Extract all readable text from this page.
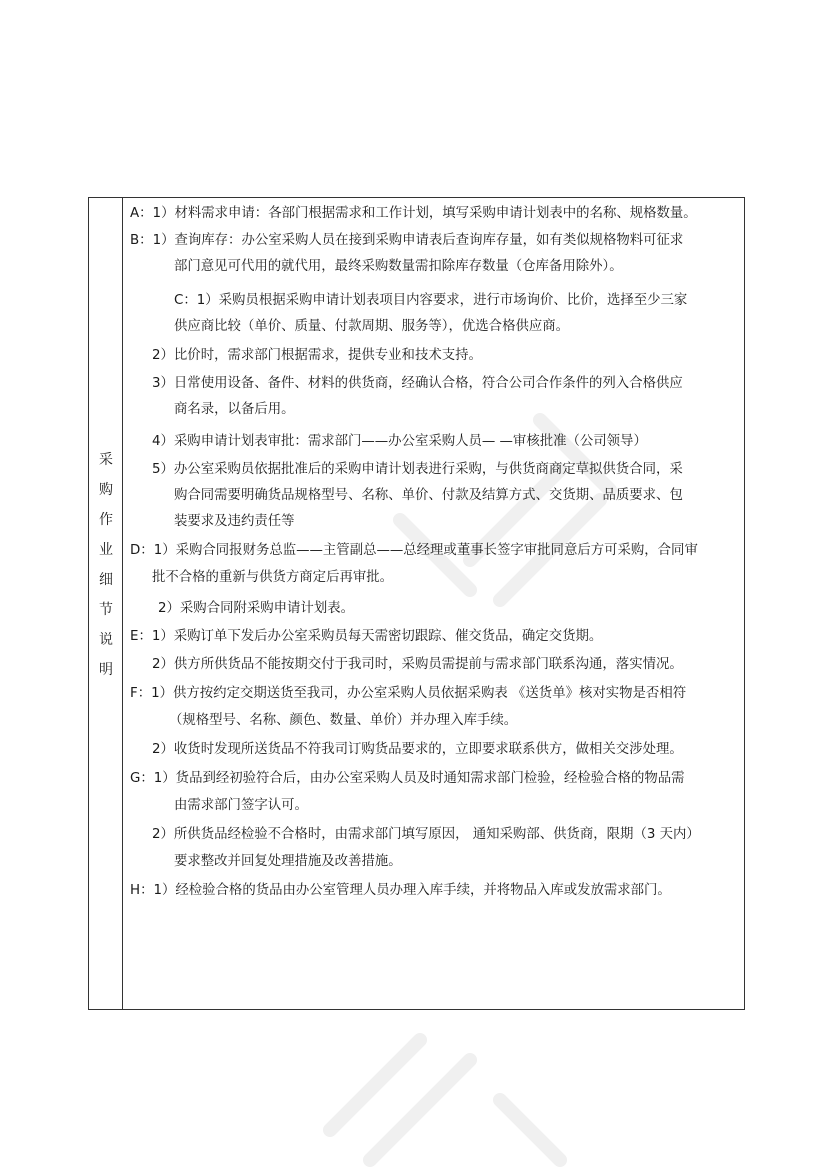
采
购
作
业
细
节
说
明
A：1）材料需求申请：各部门根据需求和工作计划，填写采购申请计划表中的名称、规格数量。
B：1）查询库存：办公室采购人员在接到采购申请表后查询库存量，如有类似规格物料可征求
部门意见可代用的就代用，最终采购数量需扣除库存数量（仓库备用除外）。
C：1）采购员根据采购申请计划表项目内容要求，进行市场询价、比价，选择至少三家
供应商比较（单价、质量、付款周期、服务等），优选合格供应商。
2）比价时，需求部门根据需求，提供专业和技术支持。
3）日常使用设备、备件、材料的供货商，经确认合格，符合公司合作条件的列入合格供应
商名录，以备后用。
4）采购申请计划表审批：需求部门——办公室采购人员— —审核批准（公司领导）
5）办公室采购员依据批准后的采购申请计划表进行采购，与供货商商定草拟供货合同，采
购合同需要明确货品规格型号、名称、单价、付款及结算方式、交货期、品质要求、包
装要求及违约责任等
D：1）采购合同报财务总监——主管副总——总经理或董事长签字审批同意后方可采购，合同审
批不合格的重新与供货方商定后再审批。
2）采购合同附采购申请计划表。
E：1）采购订单下发后办公室采购员每天需密切跟踪、催交货品，确定交货期。
2）供方所供货品不能按期交付于我司时，采购员需提前与需求部门联系沟通，落实情况。
F：1）供方按约定交期送货至我司，办公室采购人员依据采购表 《送货单》核对实物是否相符
（规格型号、名称、颜色、数量、单价）并办理入库手续。
2）收货时发现所送货品不符我司订购货品要求的，立即要求联系供方，做相关交涉处理。
G：1）货品到经初验符合后，由办公室采购人员及时通知需求部门检验，经检验合格的物品需
由需求部门签字认可。
2）所供货品经检验不合格时，由需求部门填写原因， 通知采购部、供货商，限期（3 天内）
要求整改并回复处理措施及改善措施。
H：1）经检验合格的货品由办公室管理人员办理入库手续，并将物品入库或发放需求部门。
